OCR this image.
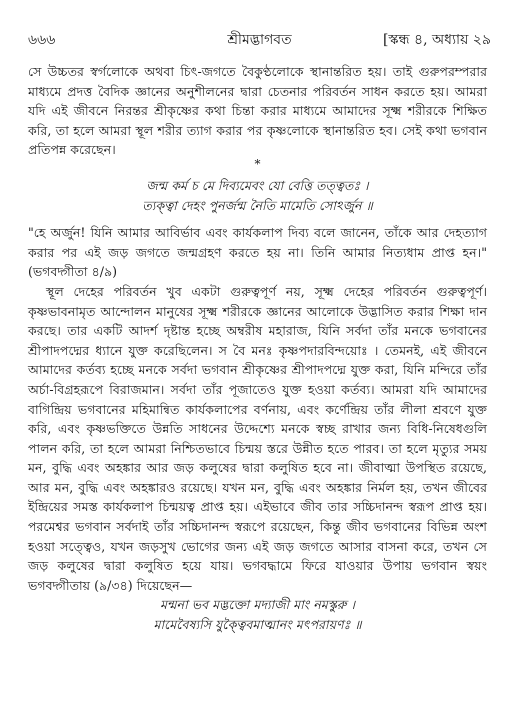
৬৬৬	শ্রীমদ্ভাগবত	[স্কন্ধ ৪, অধ্যায় ২৯

সে উচ্চতর স্বর্গলোকে অথবা চিৎ-জগতে বৈকুণ্ঠলোকে স্থানান্তরিত হয়। তাই গুরুপরম্পরার মাধ্যমে প্রদত্ত বৈদিক জ্ঞানের অনুশীলনের দ্বারা চেতনার পরিবর্তন সাধন করতে হয়। আমরা যদি এই জীবনে নিরন্তর শ্রীকৃষ্ণের কথা চিন্তা করার মাধ্যমে আমাদের সূক্ষ্ম শরীরকে শিক্ষিত করি, তা হলে আমরা স্থূল শরীর ত্যাগ করার পর কৃষ্ণলোকে স্থানান্তরিত হব। সেই কথা ভগবান প্রতিপন্ন করেছেন।

*

জন্ম কর্ম চ মে দিব্যমেবং যো বেত্তি তত্ত্বতঃ ।
ত্যক্ত্বা দেহং পুনর্জন্ম নৈতি মামেতি সোঽর্জুন ॥

"হে অর্জুন! যিনি আমার আবির্ভাব এবং কার্যকলাপ দিব্য বলে জানেন, তাঁকে আর দেহত্যাগ করার পর এই জড় জগতে জন্মগ্রহণ করতে হয় না। তিনি আমার নিত্যধাম প্রাপ্ত হন।" (ভগবদ্গীতা ৪/৯)

স্থূল দেহের পরিবর্তন খুব একটা গুরুত্বপূর্ণ নয়, সূক্ষ্ম দেহের পরিবর্তন গুরুত্বপূর্ণ। কৃষ্ণভাবনামৃত আন্দোলন মানুষের সূক্ষ্ম শরীরকে জ্ঞানের আলোকে উদ্ভাসিত করার শিক্ষা দান করছে। তার একটি আদর্শ দৃষ্টান্ত হচ্ছে অম্বরীষ মহারাজ, যিনি সর্বদা তাঁর মনকে ভগবানের শ্রীপাদপদ্মের ধ্যানে যুক্ত করেছিলেন। স বৈ মনঃ কৃষ্ণপদারবিন্দয়োঃ । তেমনই, এই জীবনে আমাদের কর্তব্য হচ্ছে মনকে সর্বদা ভগবান শ্রীকৃষ্ণের শ্রীপাদপদ্মে যুক্ত করা, যিনি মন্দিরে তাঁর অর্চা-বিগ্রহরূপে বিরাজমান। সর্বদা তাঁর পূজাতেও যুক্ত হওয়া কর্তব্য। আমরা যদি আমাদের বাগিন্দ্রিয় ভগবানের মহিমান্বিত কার্যকলাপের বর্ণনায়, এবং কর্ণেন্দ্রিয় তাঁর লীলা শ্রবণে যুক্ত করি, এবং কৃষ্ণভক্তিতে উন্নতি সাধনের উদ্দেশ্যে মনকে স্বচ্ছ রাখার জন্য বিধি-নিষেধগুলি পালন করি, তা হলে আমরা নিশ্চিতভাবে চিন্ময় স্তরে উন্নীত হতে পারব। তা হলে মৃত্যুর সময় মন, বুদ্ধি এবং অহঙ্কার আর জড় কলুষের দ্বারা কলুষিত হবে না। জীবাত্মা উপস্থিত রয়েছে, আর মন, বুদ্ধি এবং অহঙ্কারও রয়েছে। যখন মন, বুদ্ধি এবং অহঙ্কার নির্মল হয়, তখন জীবের ইন্দ্রিয়ের সমস্ত কার্যকলাপ চিন্ময়ত্ব প্রাপ্ত হয়। এইভাবে জীব তার সচ্চিদানন্দ স্বরূপ প্রাপ্ত হয়। পরমেশ্বর ভগবান সর্বদাই তাঁর সচ্চিদানন্দ স্বরূপে রয়েছেন, কিন্তু জীব ভগবানের বিভিন্ন অংশ হওয়া সত্ত্বেও, যখন জড়সুখ ভোগের জন্য এই জড় জগতে আসার বাসনা করে, তখন সে জড় কলুষের দ্বারা কলুষিত হয়ে যায়। ভগবদ্ধামে ফিরে যাওয়ার উপায় ভগবান স্বয়ং ভগবদ্গীতায় (৯/৩৪) দিয়েছেন—

মন্মনা ভব মদ্ভক্তো মদ্যাজী মাং নমস্কুরু ।
মামেবৈষ্যসি যুক্ত্বৈবমাত্মানং মৎপরায়ণঃ ॥
